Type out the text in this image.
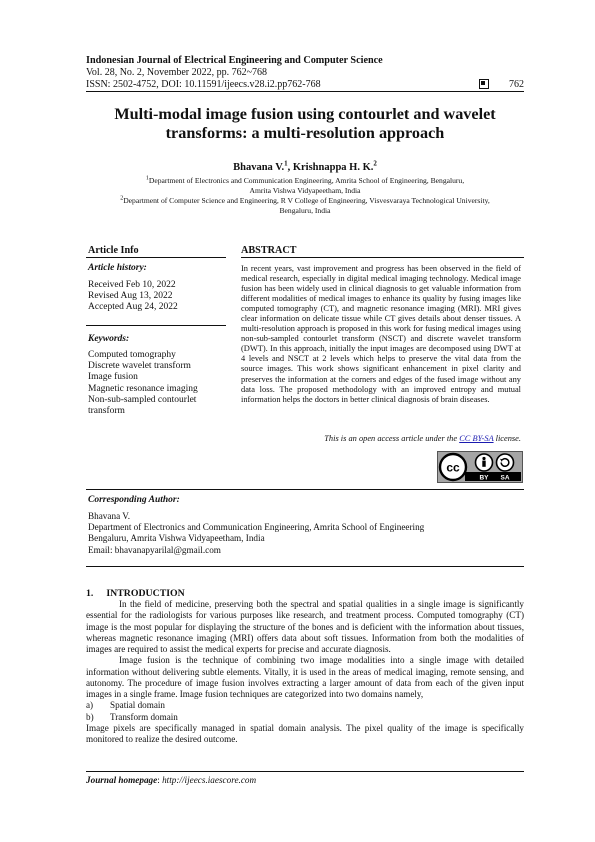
Indonesian Journal of Electrical Engineering and Computer Science
Vol. 28, No. 2, November 2022, pp. 762~768
ISSN: 2502-4752, DOI: 10.11591/ijeecs.v28.i2.pp762-768	762
Multi-modal image fusion using contourlet and wavelet
transforms: a multi-resolution approach
Bhavana V.$^1$, Krishnappa H. K.$^2$
$^1$Department of Electronics and Communication Engineering, Amrita School of Engineering, Bengaluru,
Amrita Vishwa Vidyapeetham, India
$^2$Department of Computer Science and Engineering, R V College of Engineering, Visvesvaraya Technological University,
Bengaluru, India
Article Info	ABSTRACT
Article history:
Received Feb 10, 2022
Revised Aug 13, 2022
Accepted Aug 24, 2022
Keywords:
Computed tomography
Discrete wavelet transform
Image fusion
Magnetic resonance imaging
Non-sub-sampled contourlet
transform
In recent years, vast improvement and progress has been observed in the field of medical research, especially in digital medical imaging technology. Medical image fusion has been widely used in clinical diagnosis to get valuable information from different modalities of medical images to enhance its quality by fusing images like computed tomography (CT), and magnetic resonance imaging (MRI). MRI gives clear information on delicate tissue while CT gives details about denser tissues. A multi-resolution approach is proposed in this work for fusing medical images using non-sub-sampled contourlet transform (NSCT) and discrete wavelet transform (DWT). In this approach, initially the input images are decomposed using DWT at 4 levels and NSCT at 2 levels which helps to preserve the vital data from the source images. This work shows significant enhancement in pixel clarity and preserves the information at the corners and edges of the fused image without any data loss. The proposed methodology with an improved entropy and mutual information helps the doctors in better clinical diagnosis of brain diseases.
This is an open access article under the CC BY-SA license.
cc
BY SA
Corresponding Author:
Bhavana V.
Department of Electronics and Communication Engineering, Amrita School of Engineering
Bengaluru, Amrita Vishwa Vidyapeetham, India
Email: bhavanapyarilal@gmail.com
1. INTRODUCTION

In the field of medicine, preserving both the spectral and spatial qualities in a single image is significantly essential for the radiologists for various purposes like research, and treatment process. Computed tomography (CT) image is the most popular for displaying the structure of the bones and is deficient with the information about tissues, whereas magnetic resonance imaging (MRI) offers data about soft tissues. Information from both the modalities of images are required to assist the medical experts for precise and accurate diagnosis.

Image fusion is the technique of combining two image modalities into a single image with detailed information without delivering subtle elements. Vitally, it is used in the areas of medical imaging, remote sensing, and autonomy. The procedure of image fusion involves extracting a larger amount of data from each of the given input images in a single frame. Image fusion techniques are categorized into two domains namely,

a) Spatial domain
b) Transform domain

Image pixels are specifically managed in spatial domain analysis. The pixel quality of the image is specifically monitored to realize the desired outcome.

Journal homepage: http://ijeecs.iaescore.com
